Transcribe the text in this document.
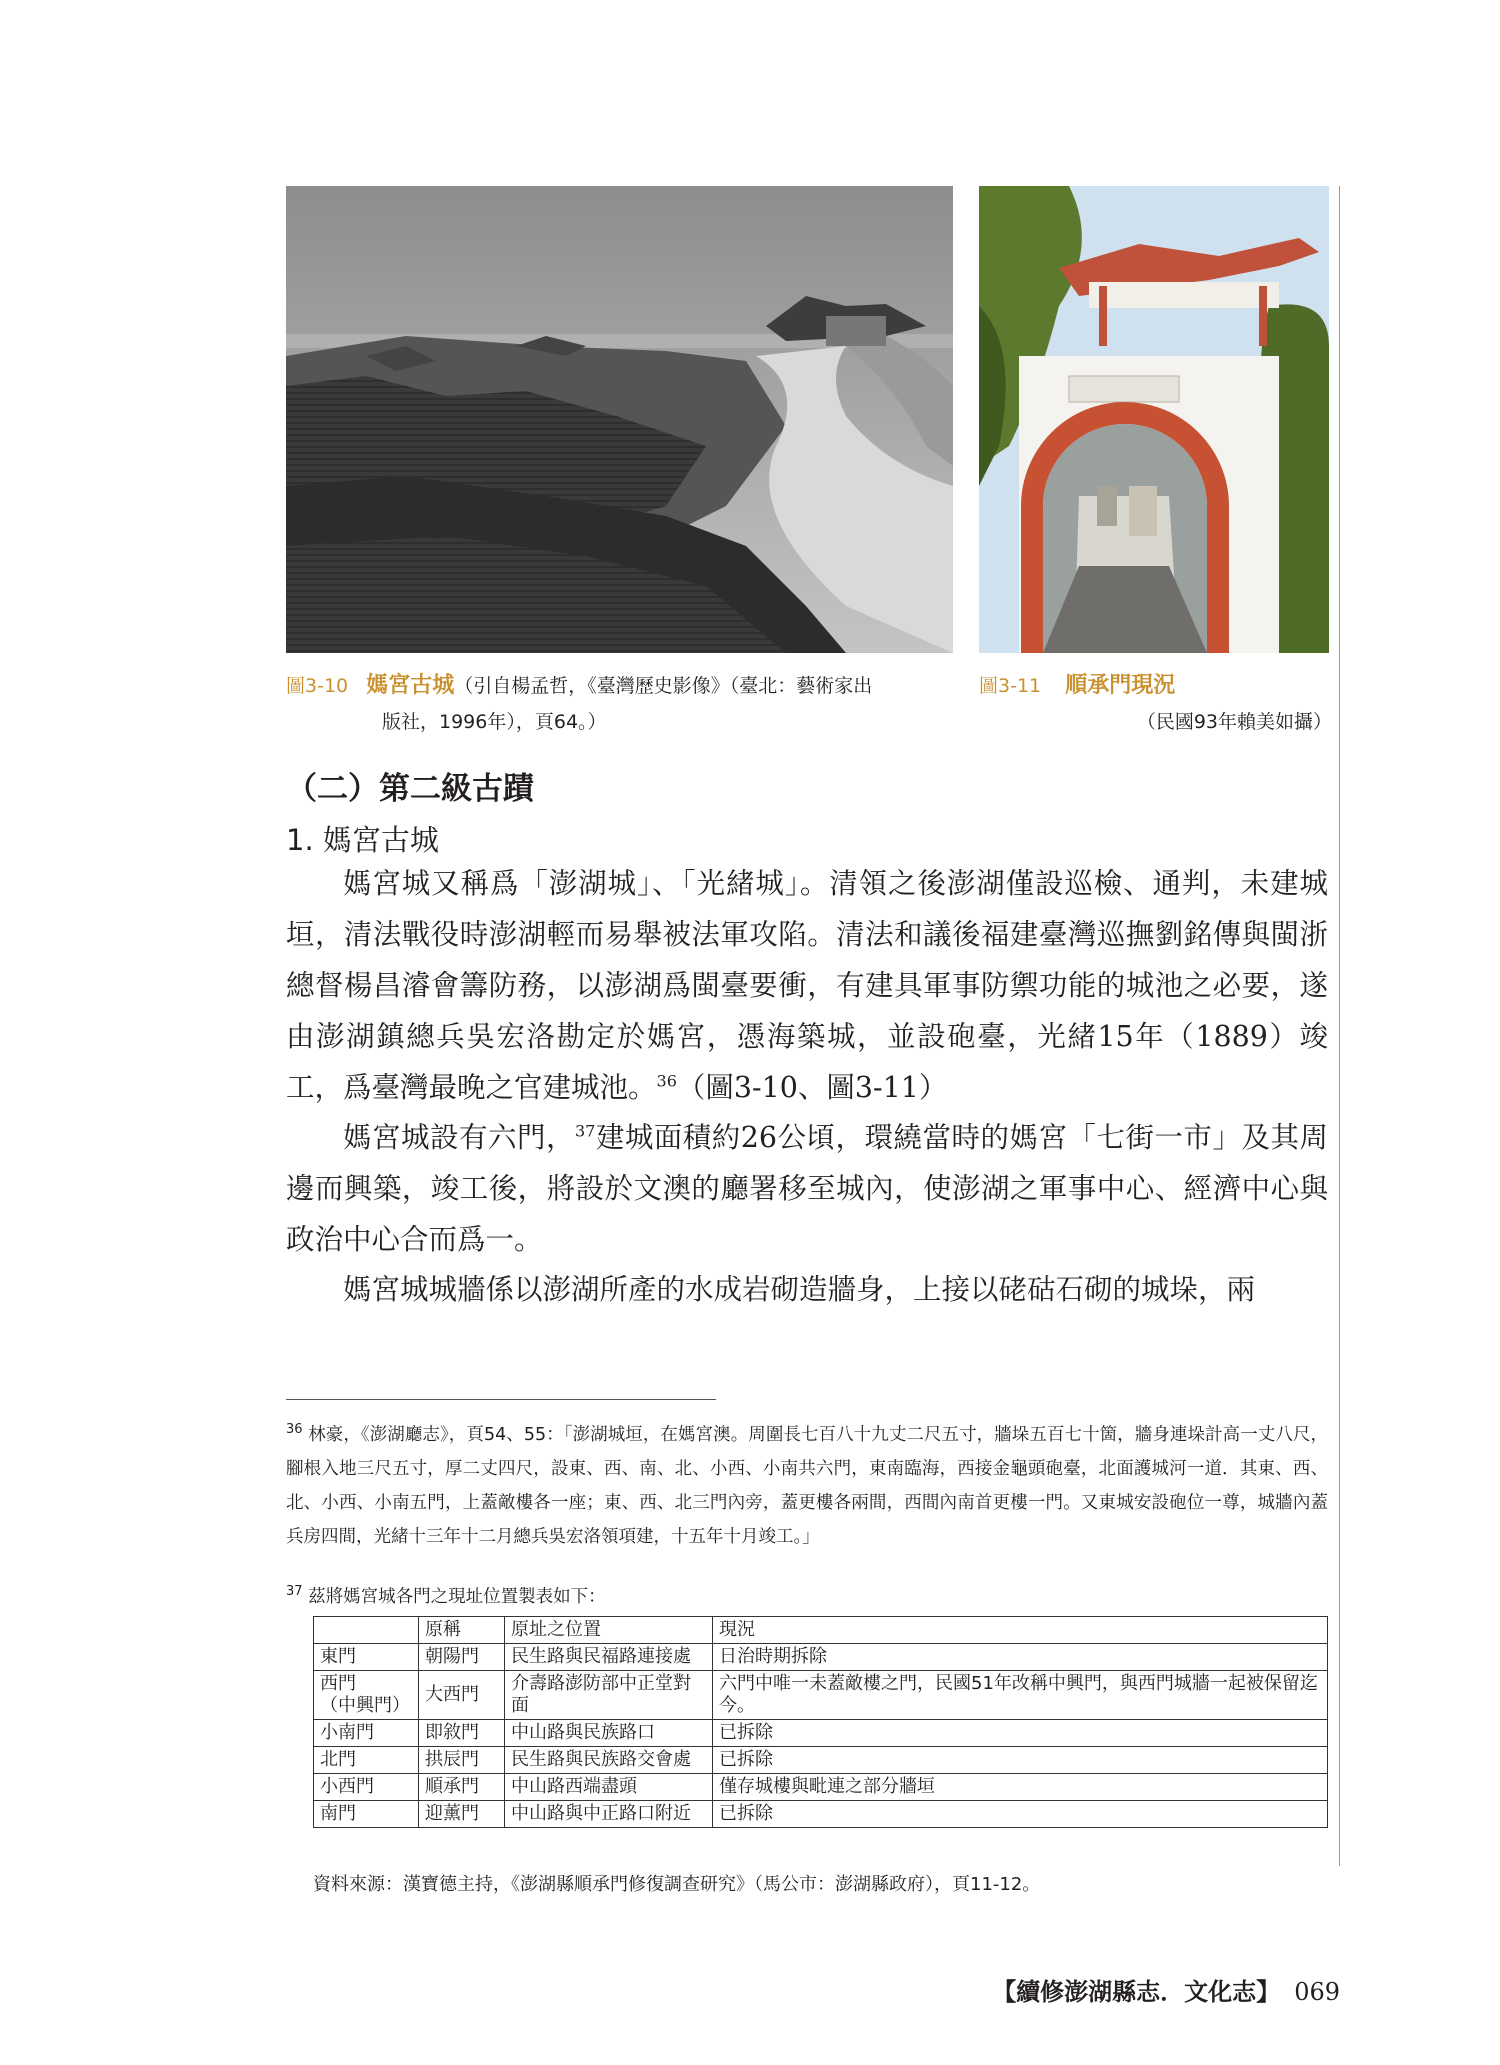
圖3-10 媽宮古城（引自楊孟哲，《臺灣歷史影像》（臺北：藝術家出
版社，1996年），頁64。）
圖3-11 順承門現況
（民國93年賴美如攝）
（二）第二級古蹟
1. 媽宮古城
媽宮城又稱爲「澎湖城」、「光緒城」。清領之後澎湖僅設巡檢、通判，未建城垣，清法戰役時澎湖輕而易舉被法軍攻陷。清法和議後福建臺灣巡撫劉銘傳與閩浙總督楊昌濬會籌防務，以澎湖爲閩臺要衝，有建具軍事防禦功能的城池之必要，遂由澎湖鎮總兵吳宏洛勘定於媽宮，憑海築城，並設砲臺，光緒15年（1889）竣工，爲臺灣最晚之官建城池。$^{36}$（圖3-10、圖3-11）
媽宮城設有六門，$^{37}$建城面積約26公頃，環繞當時的媽宮「七街一市」及其周邊而興築，竣工後，將設於文澳的廳署移至城內，使澎湖之軍事中心、經濟中心與政治中心合而爲一。
媽宮城城牆係以澎湖所產的水成岩砌造牆身，上接以硓𥑮石砌的城垛，兩
$^{36}$ 林豪，《澎湖廳志》，頁54、55：「澎湖城垣，在媽宮澳。周圍長七百八十九丈二尺五寸，牆垛五百七十箇，牆身連垛計高一丈八尺，腳根入地三尺五寸，厚二丈四尺，設東、西、南、北、小西、小南共六門，東南臨海，西接金龜頭砲臺，北面護城河一道．其東、西、北、小西、小南五門，上蓋敵樓各一座；東、西、北三門內旁，蓋更樓各兩間，西間內南首更樓一門。又東城安設砲位一尊，城牆內蓋兵房四間，光緒十三年十二月總兵吳宏洛領項建，十五年十月竣工。」
$^{37}$ 茲將媽宮城各門之現址位置製表如下：
	原稱	原址之位置	現況
東門	朝陽門	民生路與民福路連接處	日治時期拆除
西門
（中興門）	大西門	介壽路澎防部中正堂對面	六門中唯一未蓋敵樓之門，民國51年改稱中興門，與西門城牆一起被保留迄今。
小南門	即敘門	中山路與民族路口	已拆除
北門	拱辰門	民生路與民族路交會處	已拆除
小西門	順承門	中山路西端盡頭	僅存城樓與毗連之部分牆垣
南門	迎薰門	中山路與中正路口附近	已拆除
資料來源：漢寶德主持，《澎湖縣順承門修復調查研究》（馬公市：澎湖縣政府），頁11-12。
【續修澎湖縣志．文化志】 069
